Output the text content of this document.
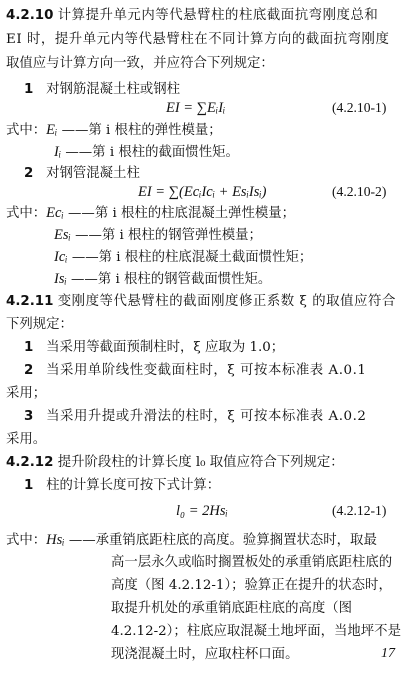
4.2.10 计算提升单元内等代悬臂柱的柱底截面抗弯刚度总和
EI 时，提升单元内等代悬臂柱在不同计算方向的截面抗弯刚度
取值应与计算方向一致，并应符合下列规定：
1 对钢筋混凝土柱或钢柱
EI = ∑EᵢIᵢ	(4.2.10-1)
式中：Eᵢ ——第 i 根柱的弹性模量；
Iᵢ ——第 i 根柱的截面惯性矩。
2 对钢管混凝土柱
EI = ∑(EcᵢIcᵢ + EsᵢIsᵢ)	(4.2.10-2)
式中：Ecᵢ ——第 i 根柱的柱底混凝土弹性模量；
Esᵢ ——第 i 根柱的钢管弹性模量；
Icᵢ ——第 i 根柱的柱底混凝土截面惯性矩；
Isᵢ ——第 i 根柱的钢管截面惯性矩。
4.2.11 变刚度等代悬臂柱的截面刚度修正系数 ξ 的取值应符合
下列规定：
1 当采用等截面预制柱时，ξ 应取为 1.0；
2 当采用单阶线性变截面柱时，ξ 可按本标准表 A.0.1
采用；
3 当采用升提或升滑法的柱时，ξ 可按本标准表 A.0.2
采用。
4.2.12 提升阶段柱的计算长度 l₀ 取值应符合下列规定：
1 柱的计算长度可按下式计算：
l₀ = 2Hsᵢ	(4.2.12-1)
式中：Hsᵢ ——承重销底距柱底的高度。验算搁置状态时，取最
高一层永久或临时搁置板处的承重销底距柱底的
高度（图 4.2.12-1）；验算正在提升的状态时，
取提升机处的承重销底距柱底的高度（图
4.2.12-2）；柱底应取混凝土地坪面，当地坪不是
现浇混凝土时，应取柱杯口面。	17
